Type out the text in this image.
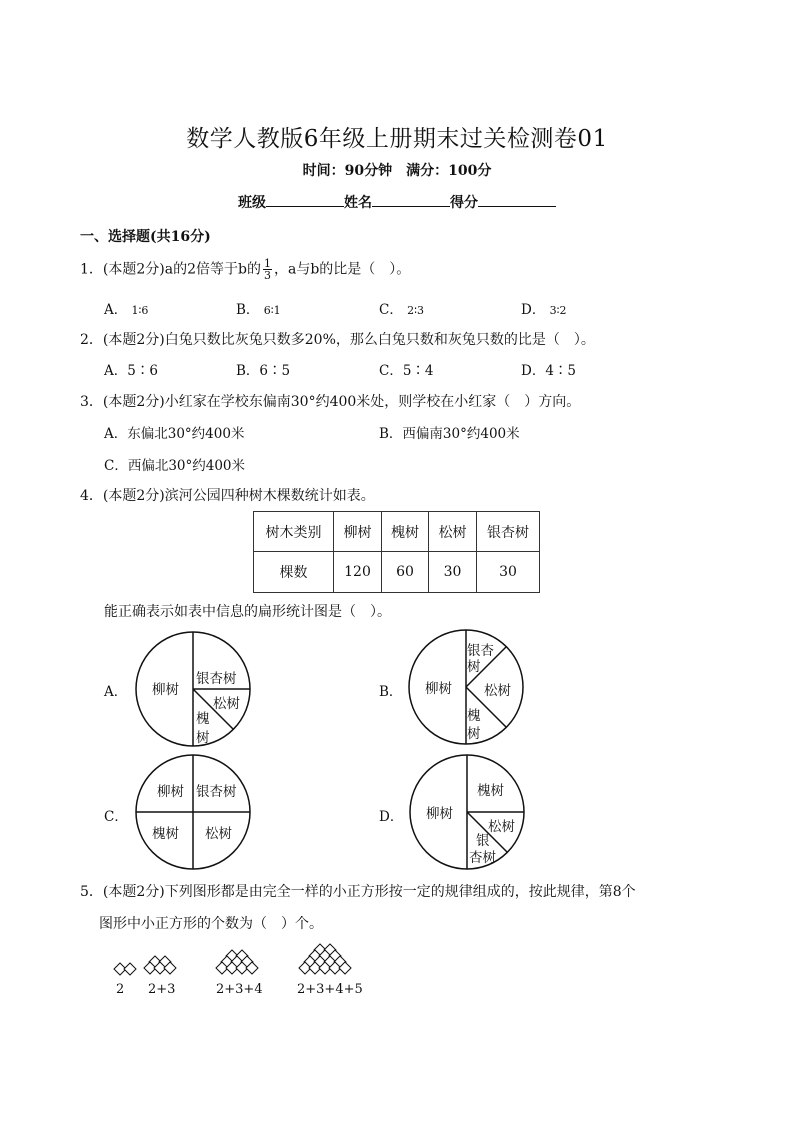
数学人教版6年级上册期末过关检测卷01
时间：90分钟　满分：100分
班级	姓名	得分
一、选择题(共16分)
1．(本题2分)a的2倍等于b的 $\frac{1}{3}$ ，a与b的比是（　）。
A． 1∶6	B． 6∶1	C． 2∶3	D． 3∶2
2．(本题2分)白兔只数比灰兔只数多20%，那么白兔只数和灰兔只数的比是（　）。
A．5∶6	B．6∶5	C．5∶4	D．4∶5
3．(本题2分)小红家在学校东偏南30°约400米处，则学校在小红家（　）方向。
A．东偏北30°约400米	B．西偏南30°约400米
C．西偏北30°约400米
4．(本题2分)滨河公园四种树木棵数统计如表。
树木类别	柳树	槐树	松树	银杏树
棵数	120	60	30	30
能正确表示如表中信息的扁形统计图是（　）。
A．	B．
C．	D．
柳树
银杏树
松树
槐
树
柳树
银杏
树
松树
槐
树
柳树 银杏树
槐树 松树
柳树
槐树
松树
银
杏树
5．(本题2分)下列图形都是由完全一样的小正方形按一定的规律组成的，按此规律，第8个
图形中小正方形的个数为（　）个。
2 2+3	2+3+4	2+3+4+5
